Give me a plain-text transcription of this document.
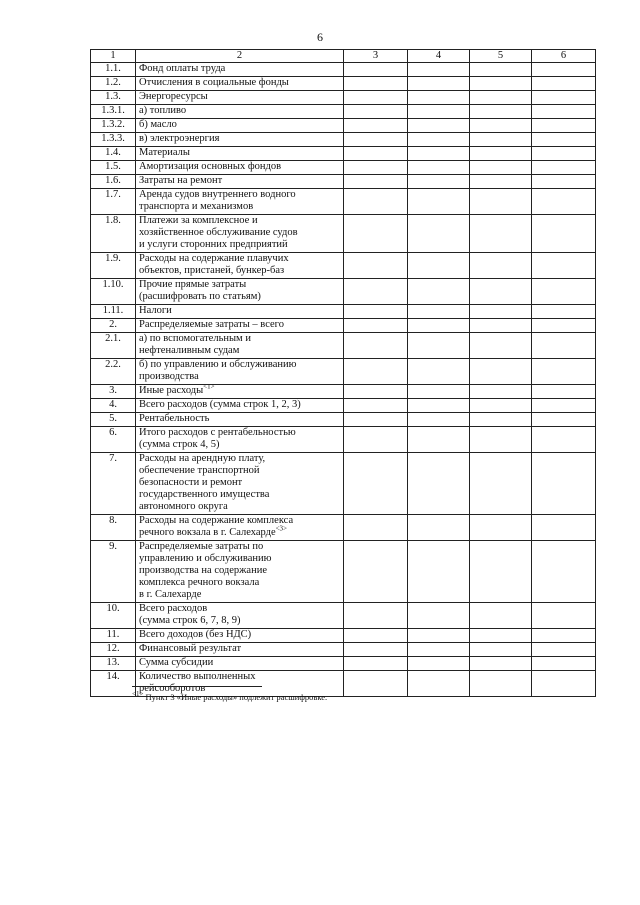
6
1	2	3	4	5	6
1.1.	Фонд оплаты труда				

1.2.	Отчисления в социальные фонды				

1.3.	Энергоресурсы				

1.3.1.	а) топливо				

1.3.2.	б) масло				

1.3.3.	в) электроэнергия				

1.4.	Материалы				

1.5.	Амортизация основных фондов				

1.6.	Затраты на ремонт				

1.7.	Аренда судов внутреннего водного
транспорта и механизмов				

1.8.	Платежи за комплексное и
хозяйственное обслуживание судов
и услуги сторонних предприятий				

1.9.	Расходы на содержание плавучих
объектов, пристаней, бункер-баз				

1.10.	Прочие прямые затраты
(расшифровать по статьям)				

1.11.	Налоги				

2.	Распределяемые затраты – всего				

2.1.	а) по вспомогательным и
нефтеналивным судам				

2.2.	б) по управлению и обслуживанию
производства				

3.	Иные расходы$^{<1>}$

4.	Всего расходов (сумма строк 1, 2, 3)				

5.	Рентабельность				

6.	Итого расходов с рентабельностью
(сумма строк 4, 5)				

7.	Расходы на арендную плату,
обеспечение транспортной
безопасности и ремонт
государственного имущества
автономного округа				

8.	Расходы на содержание комплекса
речного вокзала в г. Салехарде$^{<3>}$

9.	Распределяемые затраты по
управлению и обслуживанию
производства на содержание
комплекса речного вокзала
в г. Салехарде				

10.	Всего расходов
(сумма строк 6, 7, 8, 9)				

11.	Всего доходов (без НДС)				

12.	Финансовый результат				

13.	Сумма субсидии				

14.	Количество выполненных
рейсооборотов				

$^{<1>}$ Пункт 3 «Иные расходы» подлежит расшифровке.
